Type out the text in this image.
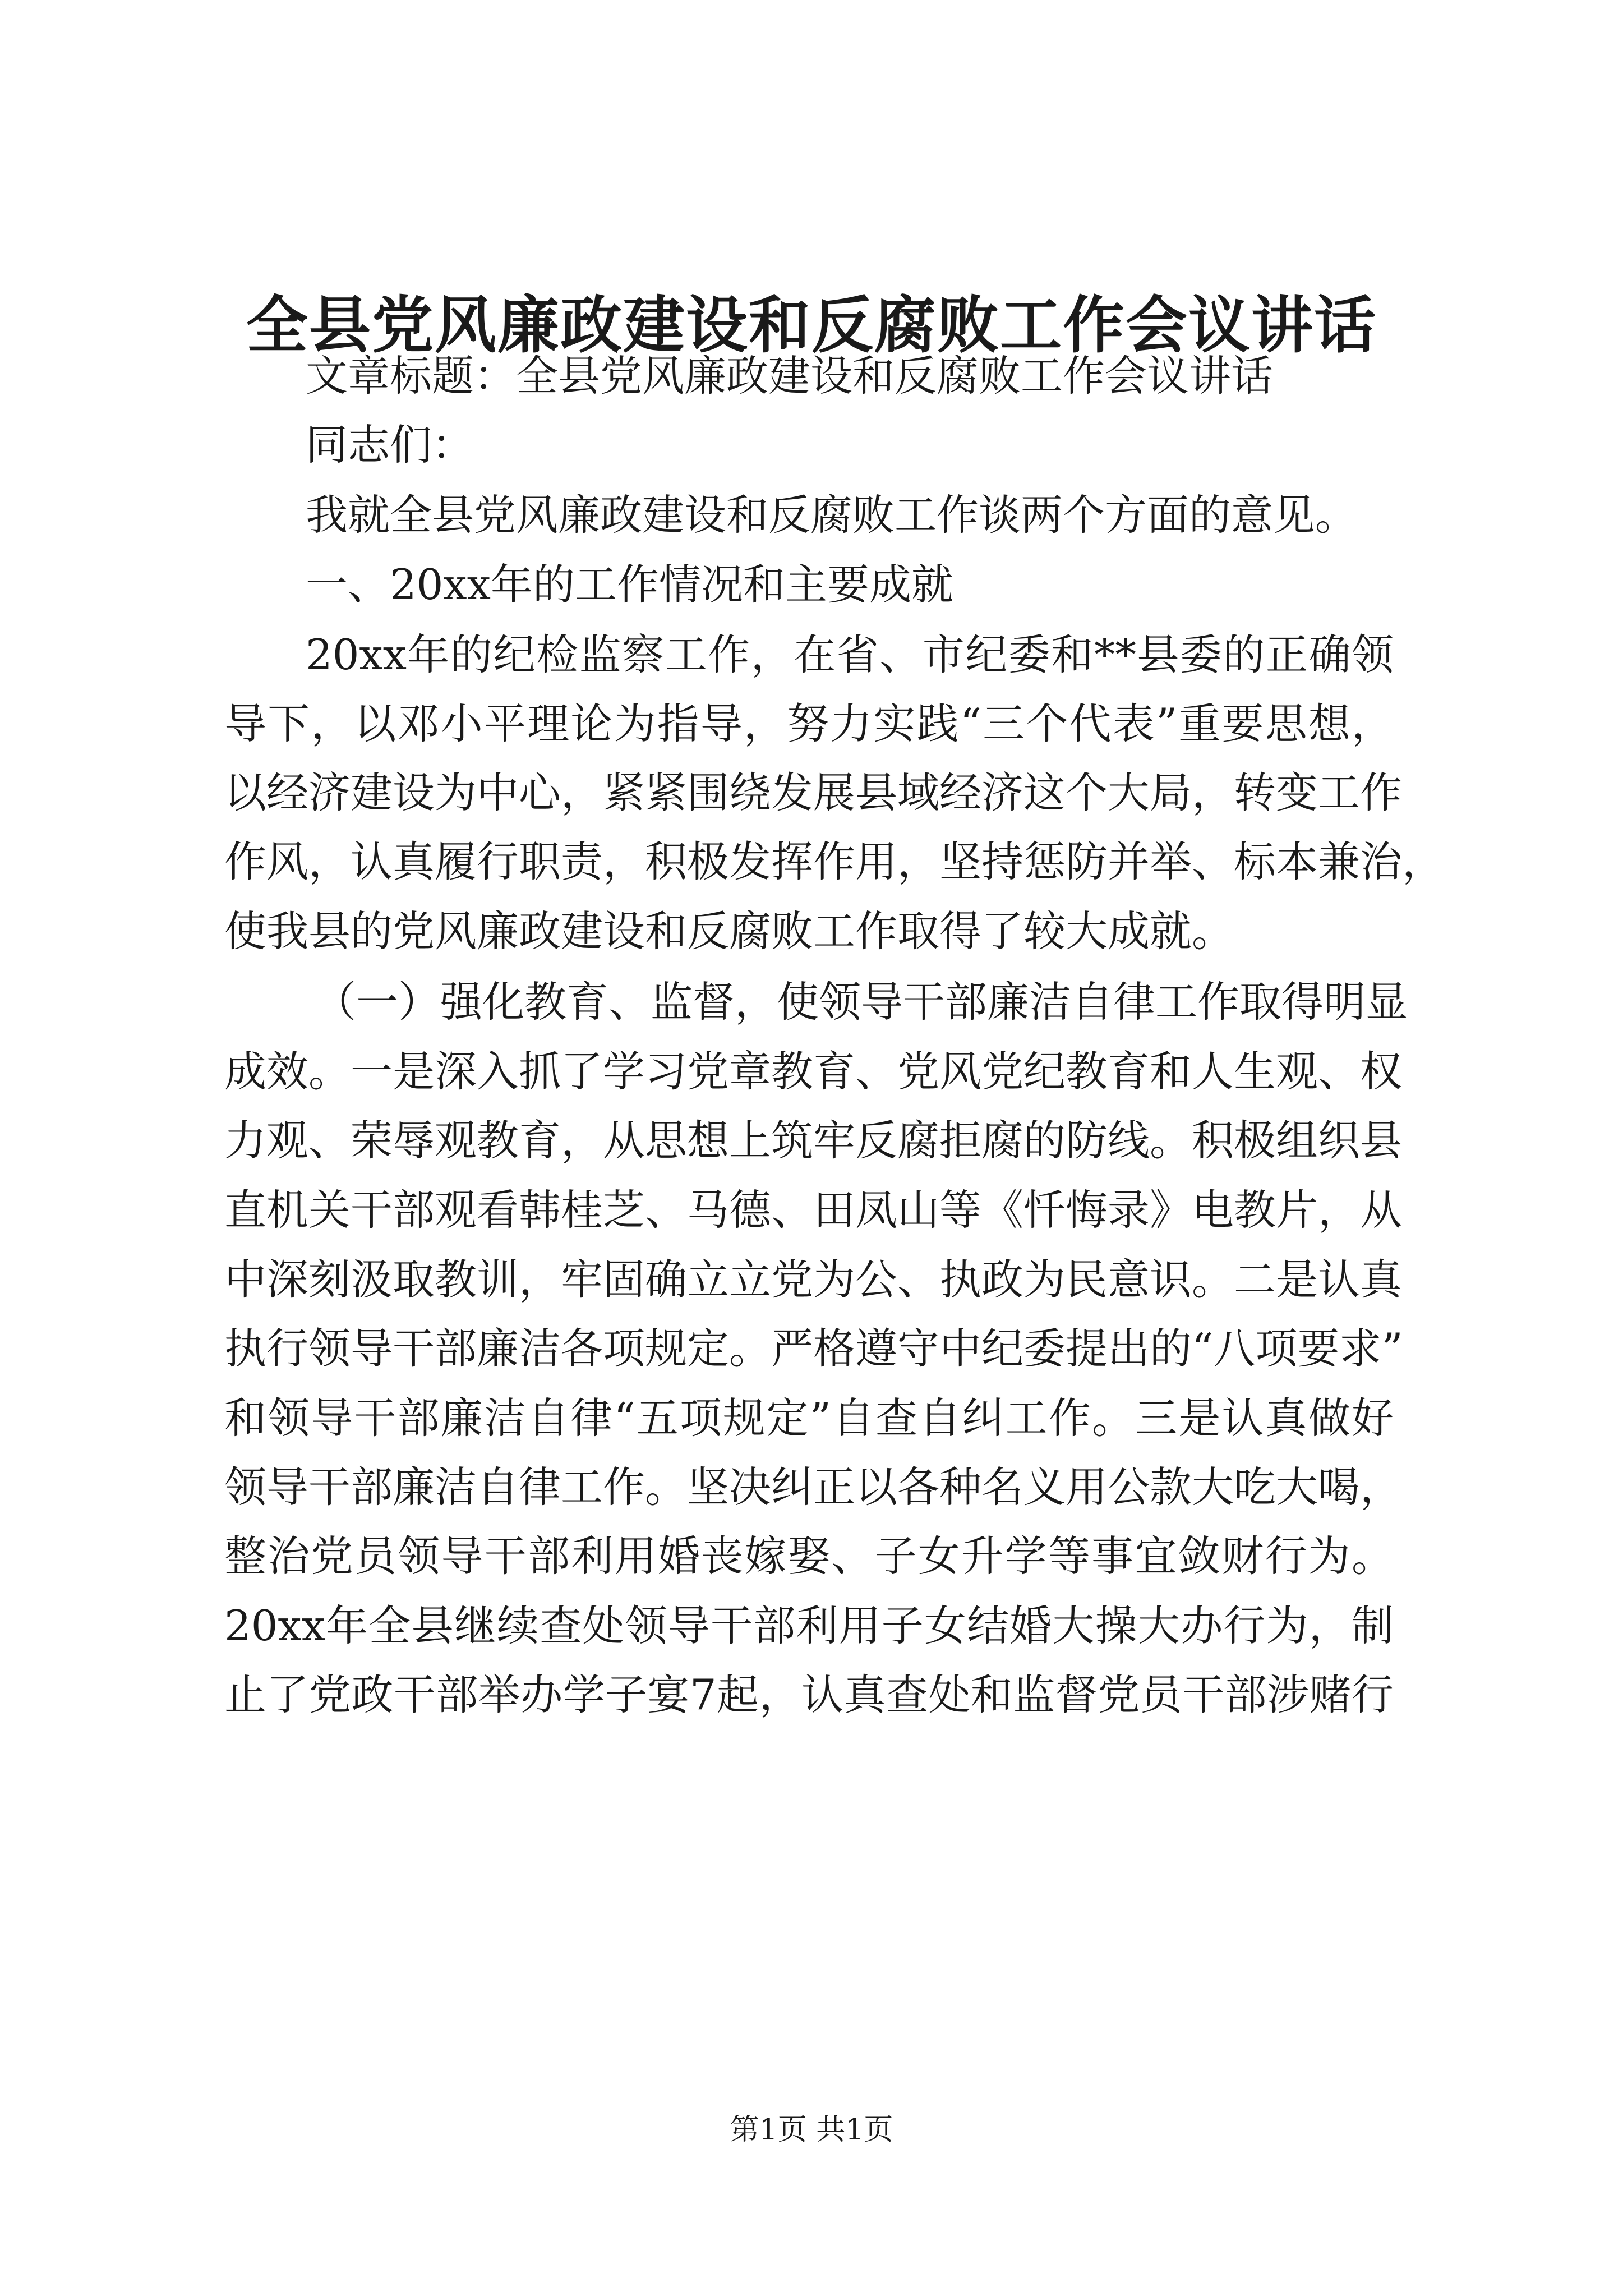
全县党风廉政建设和反腐败工作会议讲话
文章标题：全县党风廉政建设和反腐败工作会议讲话
同志们：
我就全县党风廉政建设和反腐败工作谈两个方面的意见。
一、20xx年的工作情况和主要成就
20xx年的纪检监察工作，在省、市纪委和**县委的正确领
导下，以邓小平理论为指导，努力实践“三个代表”重要思想，
以经济建设为中心，紧紧围绕发展县域经济这个大局，转变工作
作风，认真履行职责，积极发挥作用，坚持惩防并举、标本兼治，
使我县的党风廉政建设和反腐败工作取得了较大成就。
（一）强化教育、监督，使领导干部廉洁自律工作取得明显
成效。一是深入抓了学习党章教育、党风党纪教育和人生观、权
力观、荣辱观教育，从思想上筑牢反腐拒腐的防线。积极组织县
直机关干部观看韩桂芝、马德、田凤山等《忏悔录》电教片，从
中深刻汲取教训，牢固确立立党为公、执政为民意识。二是认真
执行领导干部廉洁各项规定。严格遵守中纪委提出的“八项要求”
和领导干部廉洁自律“五项规定”自查自纠工作。三是认真做好
领导干部廉洁自律工作。坚决纠正以各种名义用公款大吃大喝，
整治党员领导干部利用婚丧嫁娶、子女升学等事宜敛财行为。
20xx年全县继续查处领导干部利用子女结婚大操大办行为，制
止了党政干部举办学子宴7起，认真查处和监督党员干部涉赌行
第1页 共1页
